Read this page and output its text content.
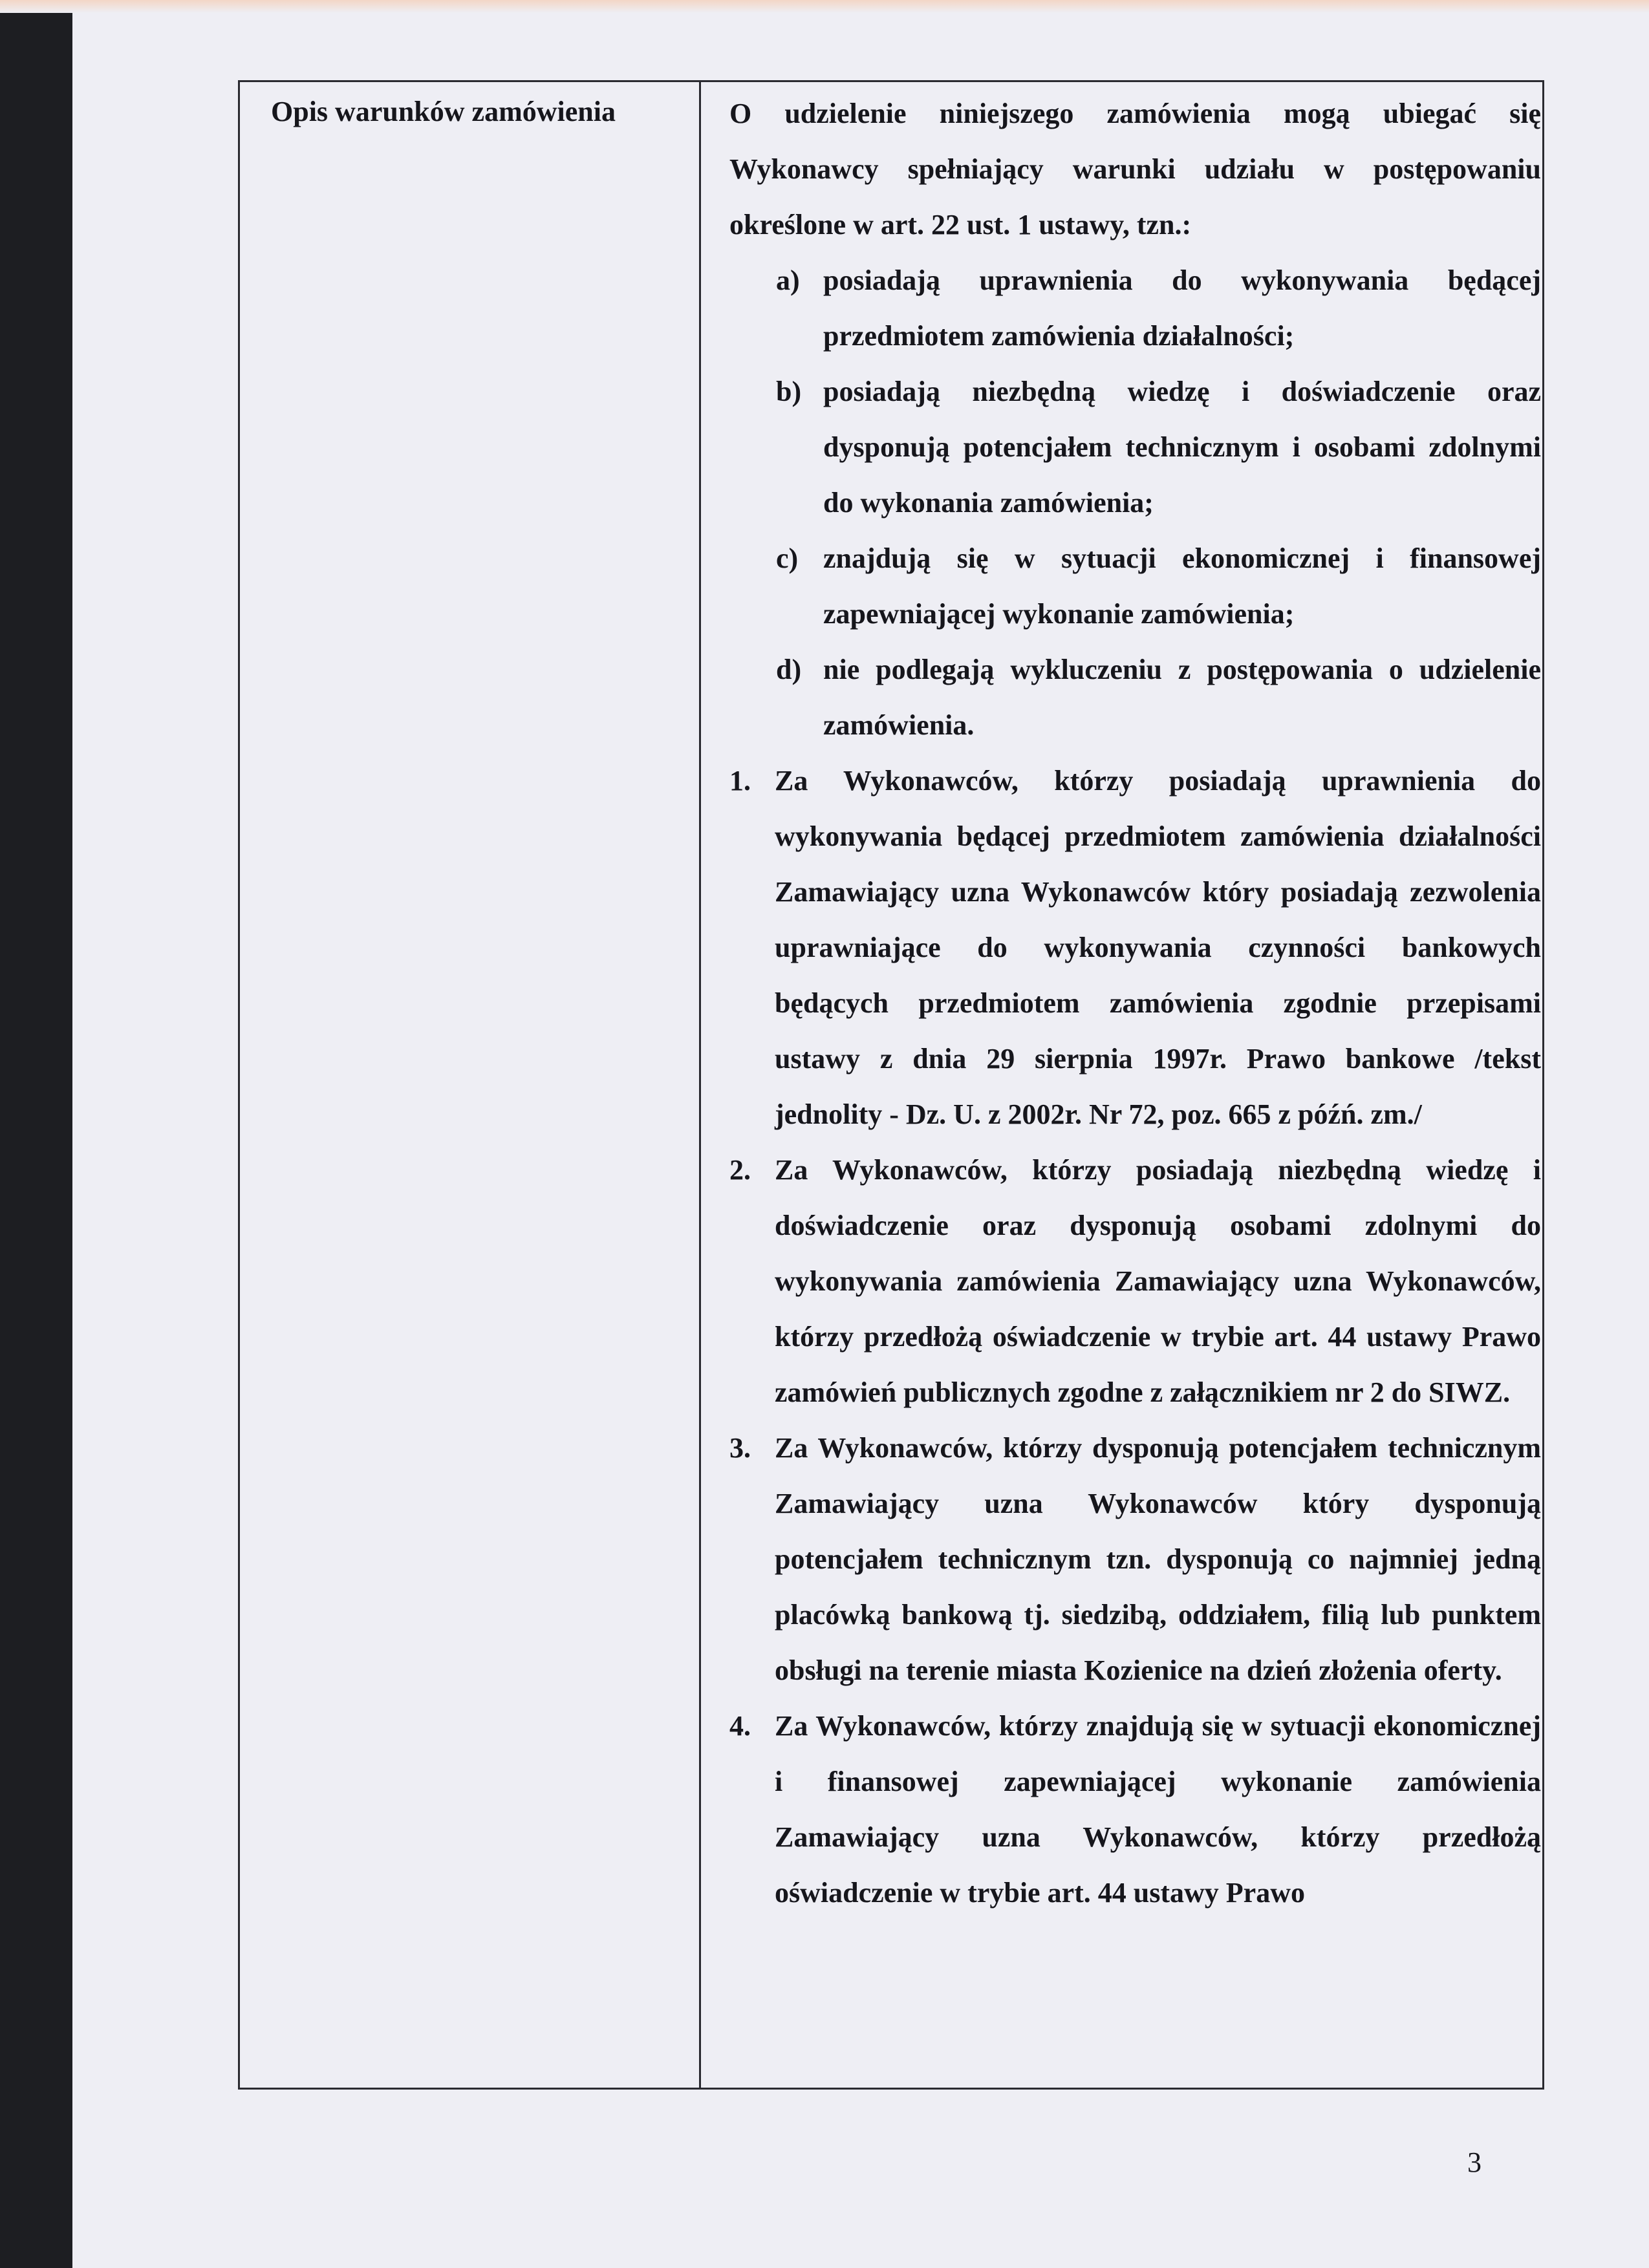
Opis warunków zamówienia	O udzielenie niniejszego zamówienia mogą ubiegać się Wykonawcy spełniający warunki udziału w postępowaniu określone w art. 22 ust. 1 ustawy, tzn.:

a) posiadają uprawnienia do wykonywania będącej przedmiotem zamówienia działalności;
b) posiadają niezbędną wiedzę i doświadczenie oraz dysponują potencjałem technicznym i osobami zdolnymi do wykonania zamówienia;
c) znajdują się w sytuacji ekonomicznej i finansowej zapewniającej wykonanie zamówienia;
d) nie podlegają wykluczeniu z postępowania o udzielenie zamówienia.
1. Za Wykonawców, którzy posiadają uprawnienia do wykonywania będącej przedmiotem zamówienia działalności Zamawiający uzna Wykonawców który posiadają zezwolenia uprawniające do wykonywania czynności bankowych będących przedmiotem zamówienia zgodnie przepisami ustawy z dnia 29 sierpnia 1997r. Prawo bankowe /tekst jednolity - Dz. U. z 2002r. Nr 72, poz. 665 z późń. zm./
2. Za Wykonawców, którzy posiadają niezbędną wiedzę i doświadczenie oraz dysponują osobami zdolnymi do wykonywania zamówienia Zamawiający uzna Wykonawców, którzy przedłożą oświadczenie w trybie art. 44 ustawy Prawo zamówień publicznych zgodne z załącznikiem nr 2 do SIWZ.
3. Za Wykonawców, którzy dysponują potencjałem technicznym Zamawiający uzna Wykonawców który dysponują potencjałem technicznym tzn. dysponują co najmniej jedną placówką bankową tj. siedzibą, oddziałem, filią lub punktem obsługi na terenie miasta Kozienice na dzień złożenia oferty.
4. Za Wykonawców, którzy znajdują się w sytuacji ekonomicznej i finansowej zapewniającej wykonanie zamówienia Zamawiający uzna Wykonawców, którzy przedłożą oświadczenie w trybie art. 44 ustawy Prawo
3
